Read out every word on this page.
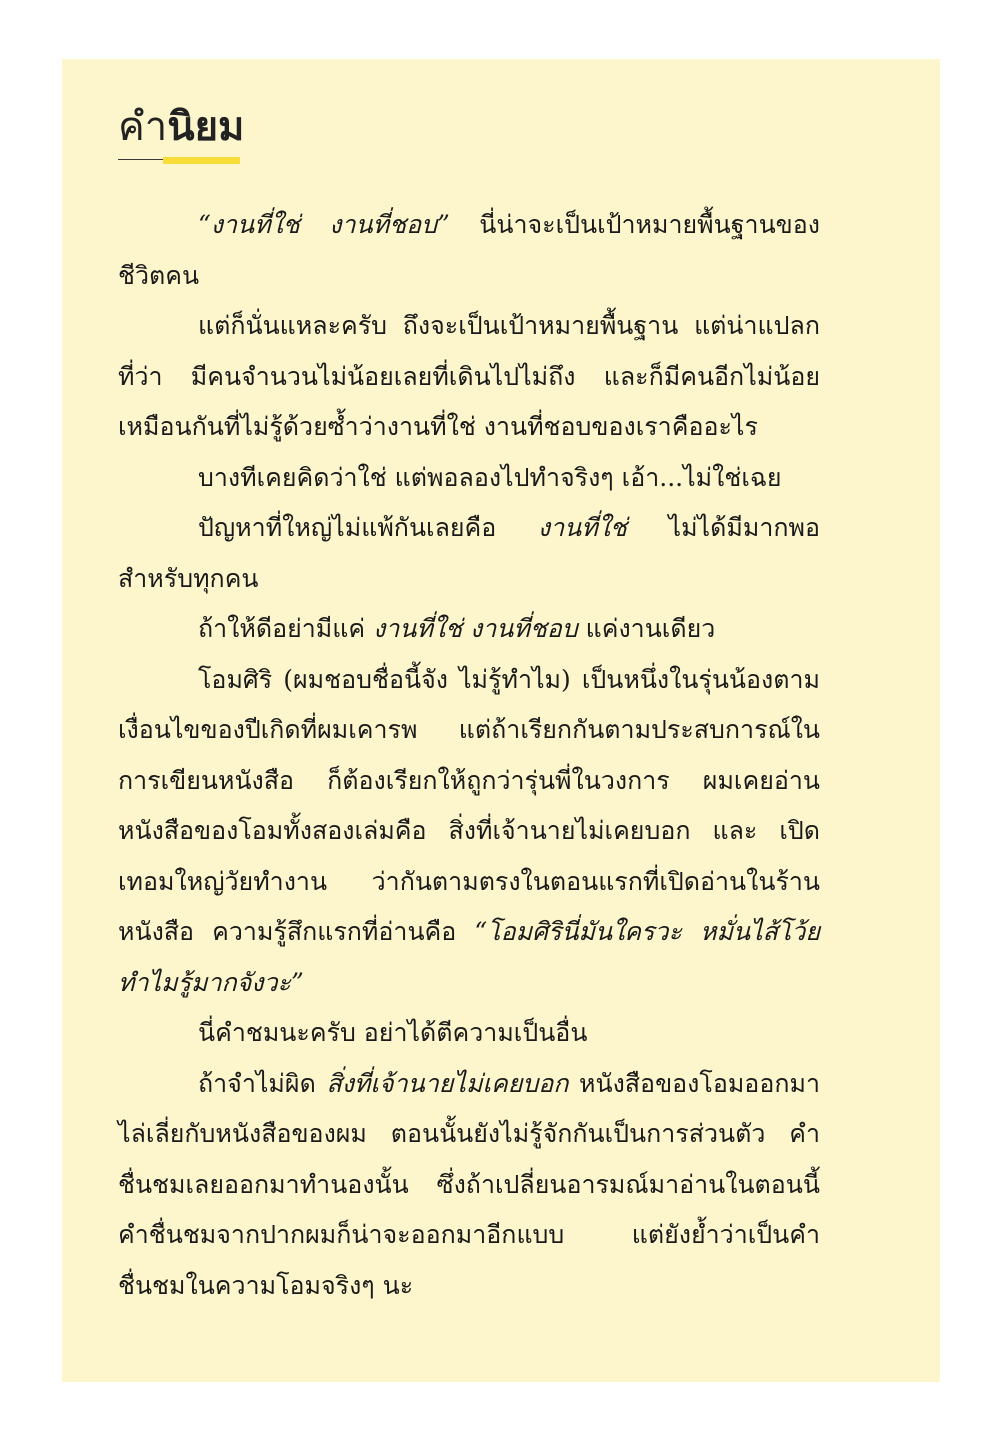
คำนิยม

“งานที่ใช่ งานที่ชอบ” นี่น่าจะเป็นเป้าหมายพื้นฐานของชีวิตคน

แต่ก็นั่นแหละครับ ถึงจะเป็นเป้าหมายพื้นฐาน แต่น่าแปลกที่ว่า มีคนจำนวนไม่น้อยเลยที่เดินไปไม่ถึง และก็มีคนอีกไม่น้อยเหมือนกันที่ไม่รู้ด้วยซ้ำว่างานที่ใช่ งานที่ชอบของเราคืออะไร

บางทีเคยคิดว่าใช่ แต่พอลองไปทำจริงๆ เอ้า...ไม่ใช่เฉย

ปัญหาที่ใหญ่ไม่แพ้กันเลยคือ งานที่ใช่ ไม่ได้มีมากพอสำหรับทุกคน

ถ้าให้ดีอย่ามีแค่ งานที่ใช่ งานที่ชอบ แค่งานเดียว

โอมศิริ (ผมชอบชื่อนี้จัง ไม่รู้ทำไม) เป็นหนึ่งในรุ่นน้องตามเงื่อนไขของปีเกิดที่ผมเคารพ แต่ถ้าเรียกกันตามประสบการณ์ในการเขียนหนังสือ ก็ต้องเรียกให้ถูกว่ารุ่นพี่ในวงการ ผมเคยอ่านหนังสือของโอมทั้งสองเล่มคือ สิ่งที่เจ้านายไม่เคยบอก และ เปิดเทอมใหญ่วัยทำงาน ว่ากันตามตรงในตอนแรกที่เปิดอ่านในร้านหนังสือ ความรู้สึกแรกที่อ่านคือ “โอมศิรินี่มันใครวะ หมั่นไส้โว้ยทำไมรู้มากจังวะ”

นี่คำชมนะครับ อย่าได้ตีความเป็นอื่น

ถ้าจำไม่ผิด สิ่งที่เจ้านายไม่เคยบอก หนังสือของโอมออกมาไล่เลี่ยกับหนังสือของผม ตอนนั้นยังไม่รู้จักกันเป็นการส่วนตัว คำชื่นชมเลยออกมาทำนองนั้น ซึ่งถ้าเปลี่ยนอารมณ์มาอ่านในตอนนี้ คำชื่นชมจากปากผมก็น่าจะออกมาอีกแบบ แต่ยังย้ำว่าเป็นคำชื่นชมในความโอมจริงๆ นะ
